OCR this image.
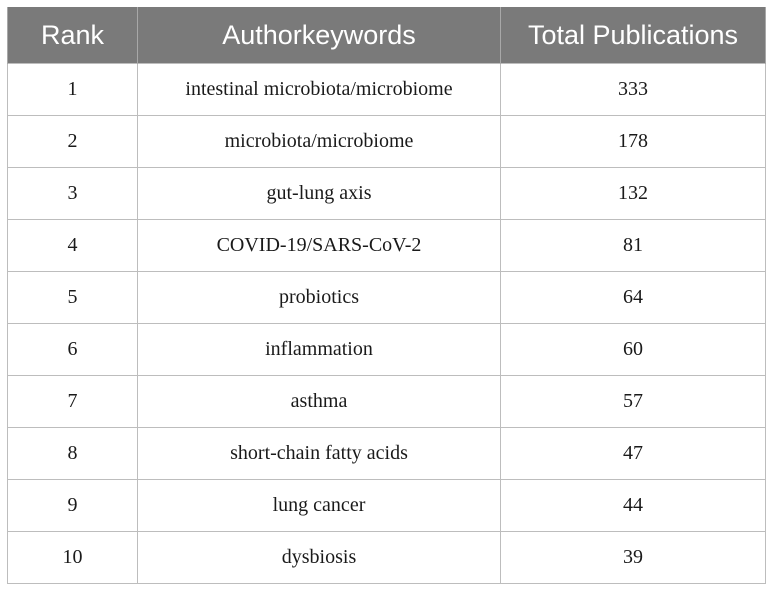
Rank	Authorkeywords	Total Publications
1	intestinal microbiota/microbiome	333
2	microbiota/microbiome	178
3	gut-lung axis	132
4	COVID-19/SARS-CoV-2	81
5	probiotics	64
6	inflammation	60
7	asthma	57
8	short-chain fatty acids	47
9	lung cancer	44
10	dysbiosis	39
